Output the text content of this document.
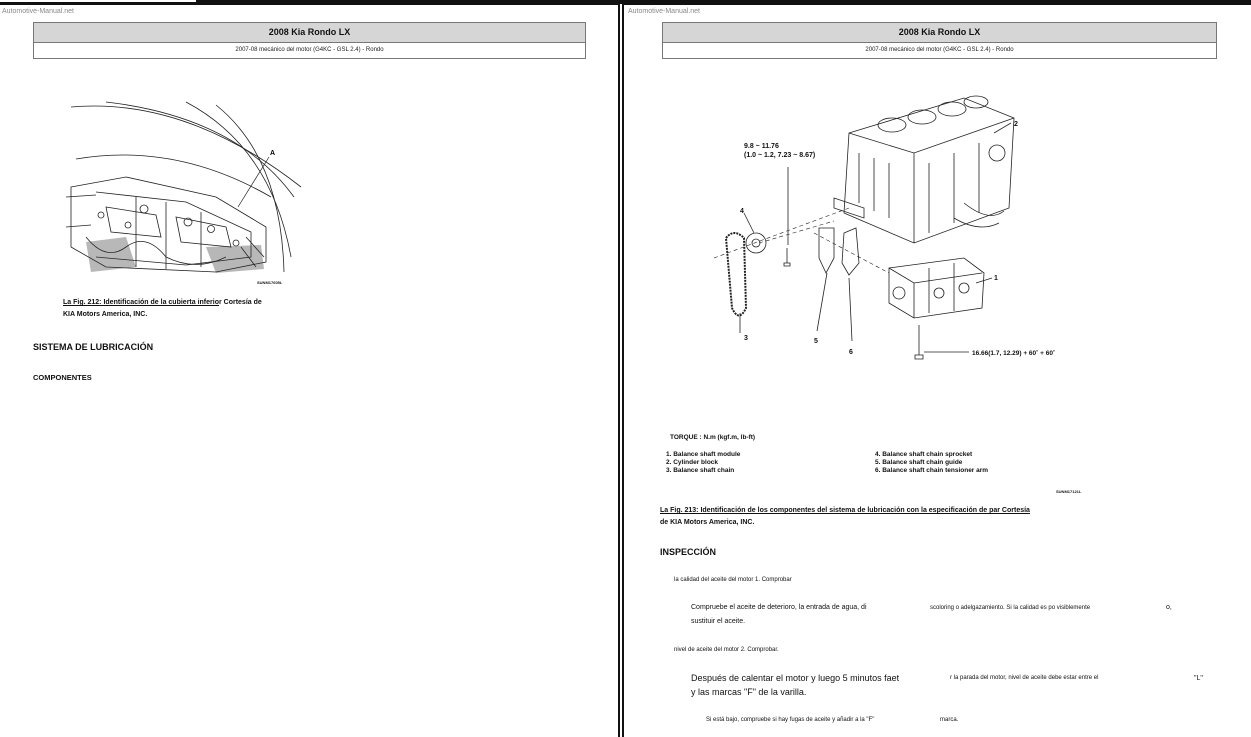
Automotive-Manual.net
2008 Kia Rondo LX
2007-08 mecánico del motor (G4KC - GSL 2.4) - Rondo
A
SUNM17605L
La Fig. 212: Identificación de la cubierta inferior Cortesía de
KIA Motors America, INC.
SISTEMA DE LUBRICACIÓN
COMPONENTES
Automotive-Manual.net
2008 Kia Rondo LX
2007-08 mecánico del motor (G4KC - GSL 2.4) - Rondo
9.8 ~ 11.76
(1.0 ~ 1.2, 7.23 ~ 8.67)
16.66(1.7, 12.29) + 60˚ + 60˚
2
1
4
3	5
6
TORQUE : N.m (kgf.m, lb-ft)
1. Balance shaft module
2. Cylinder block
3. Balance shaft chain
4. Balance shaft chain sprocket
5. Balance shaft chain guide
6. Balance shaft chain tensioner arm
SUNM17121L
La Fig. 213: Identificación de los componentes del sistema de lubricación con la especificación de par Cortesía
de KIA Motors America, INC.
INSPECCIÓN
la calidad del aceite del motor 1. Comprobar
Compruebe el aceite de deterioro, la entrada de agua, di	scoloring o adelgazamiento. Si la calidad es po visiblemente	o,
sustituir el aceite.
nivel de aceite del motor 2. Comprobar.
Después de calentar el motor y luego 5 minutos faet	r la parada del motor, nivel de aceite debe estar entre el	"L"
y las marcas "F" de la varilla.
Si está bajo, compruebe si hay fugas de aceite y añadir a la "F"	marca.
